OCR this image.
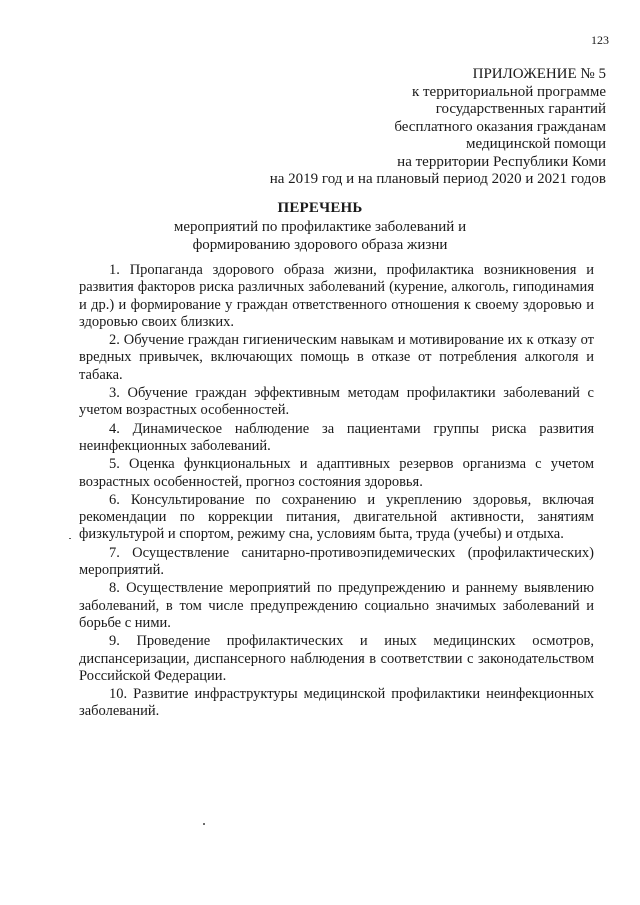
123
ПРИЛОЖЕНИЕ № 5
к территориальной программе
государственных гарантий
бесплатного оказания гражданам
медицинской помощи
на территории Республики Коми
на 2019 год и на плановый период 2020 и 2021 годов
ПЕРЕЧЕНЬ
мероприятий по профилактике заболеваний и
формированию здорового образа жизни

1. Пропаганда здорового образа жизни, профилактика возникновения и развития факторов риска различных заболеваний (курение, алкоголь, гиподинамия и др.) и формирование у граждан ответственного отношения к своему здоровью и здоровью своих близких.

2. Обучение граждан гигиеническим навыкам и мотивирование их к отказу от вредных привычек, включающих помощь в отказе от потребления алкоголя и табака.

3. Обучение граждан эффективным методам профилактики заболеваний с учетом возрастных особенностей.

4. Динамическое наблюдение за пациентами группы риска развития неинфекционных заболеваний.

5. Оценка функциональных и адаптивных резервов организма с учетом возрастных особенностей, прогноз состояния здоровья.

6. Консультирование по сохранению и укреплению здоровья, включая рекомендации по коррекции питания, двигательной активности, занятиям физкультурой и спортом, режиму сна, условиям быта, труда (учебы) и отдыха.

7. Осуществление санитарно-противоэпидемических (профилактических) мероприятий.

8. Осуществление мероприятий по предупреждению и раннему выявлению заболеваний, в том числе предупреждению социально значимых заболеваний и борьбе с ними.

9. Проведение профилактических и иных медицинских осмотров, диспансеризации, диспансерного наблюдения в соответствии с законодательством Российской Федерации.

10. Развитие инфраструктуры медицинской профилактики неинфекционных заболеваний.
